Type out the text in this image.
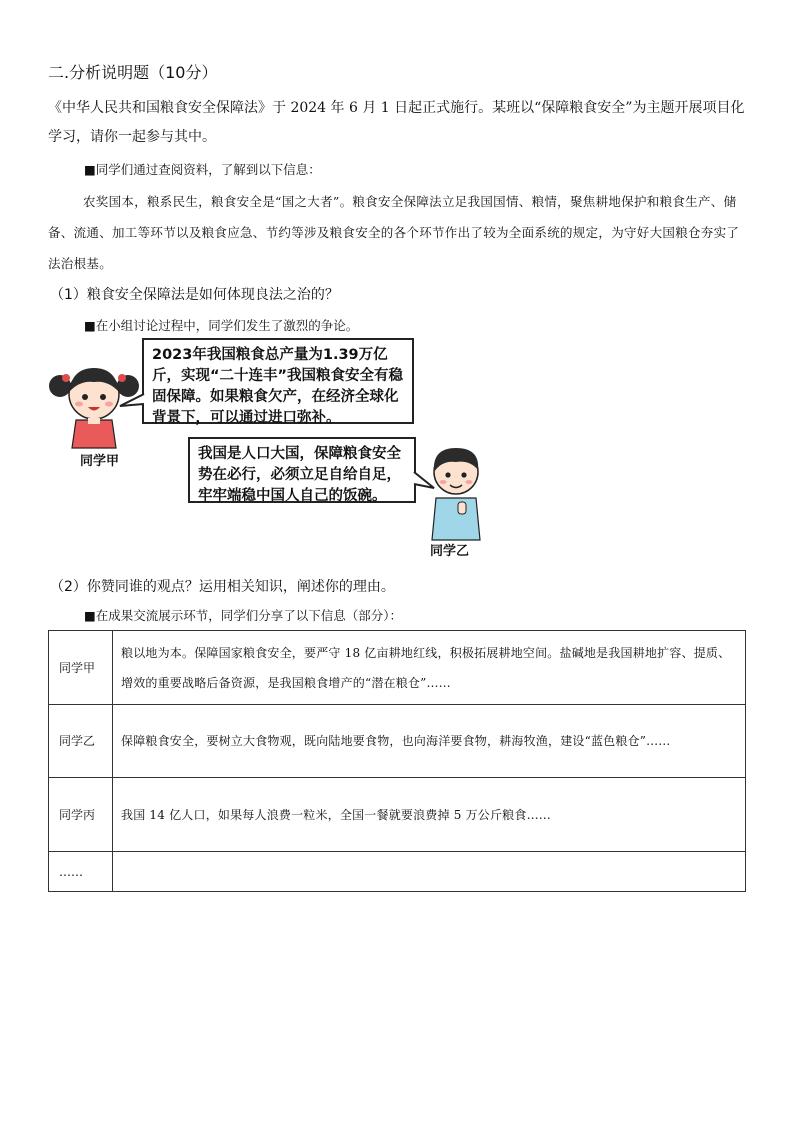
二.分析说明题（10分）
《中华人民共和国粮食安全保障法》于 2024 年 6 月 1 日起正式施行。某班以“保障粮食安全”为主题开展项目化学习，请你一起参与其中。
■同学们通过查阅资料，了解到以下信息：
农奖国本，粮系民生，粮食安全是“国之大者”。粮食安全保障法立足我国国情、粮情，聚焦耕地保护和粮食生产、储备、流通、加工等环节以及粮食应急、节约等涉及粮食安全的各个环节作出了较为全面系统的规定，为守好大国粮仓夯实了法治根基。
（1）粮食安全保障法是如何体现良法之治的？
■在小组讨论过程中，同学们发生了激烈的争论。
2023年我国粮食总产量为1.39万亿斤，实现“二十连丰”我国粮食安全有稳固保障。如果粮食欠产，在经济全球化背景下，可以通过进口弥补。
同学甲	我国是人口大国，保障粮食安全势在必行，必须立足自给自足，牢牢端稳中国人自己的饭碗。
同学乙
（2）你赞同谁的观点？运用相关知识，阐述你的理由。
■在成果交流展示环节，同学们分享了以下信息（部分）：
同学甲	粮以地为本。保障国家粮食安全，要严守 18 亿亩耕地红线，积极拓展耕地空间。盐碱地是我国耕地扩容、提质、增效的重要战略后备资源，是我国粮食增产的“潜在粮仓”……
同学乙	保障粮食安全，要树立大食物观，既向陆地要食物，也向海洋要食物，耕海牧渔，建设“蓝色粮仓”……
同学丙	我国 14 亿人口，如果每人浪费一粒米，全国一餐就要浪费掉 5 万公斤粮食……
……	
